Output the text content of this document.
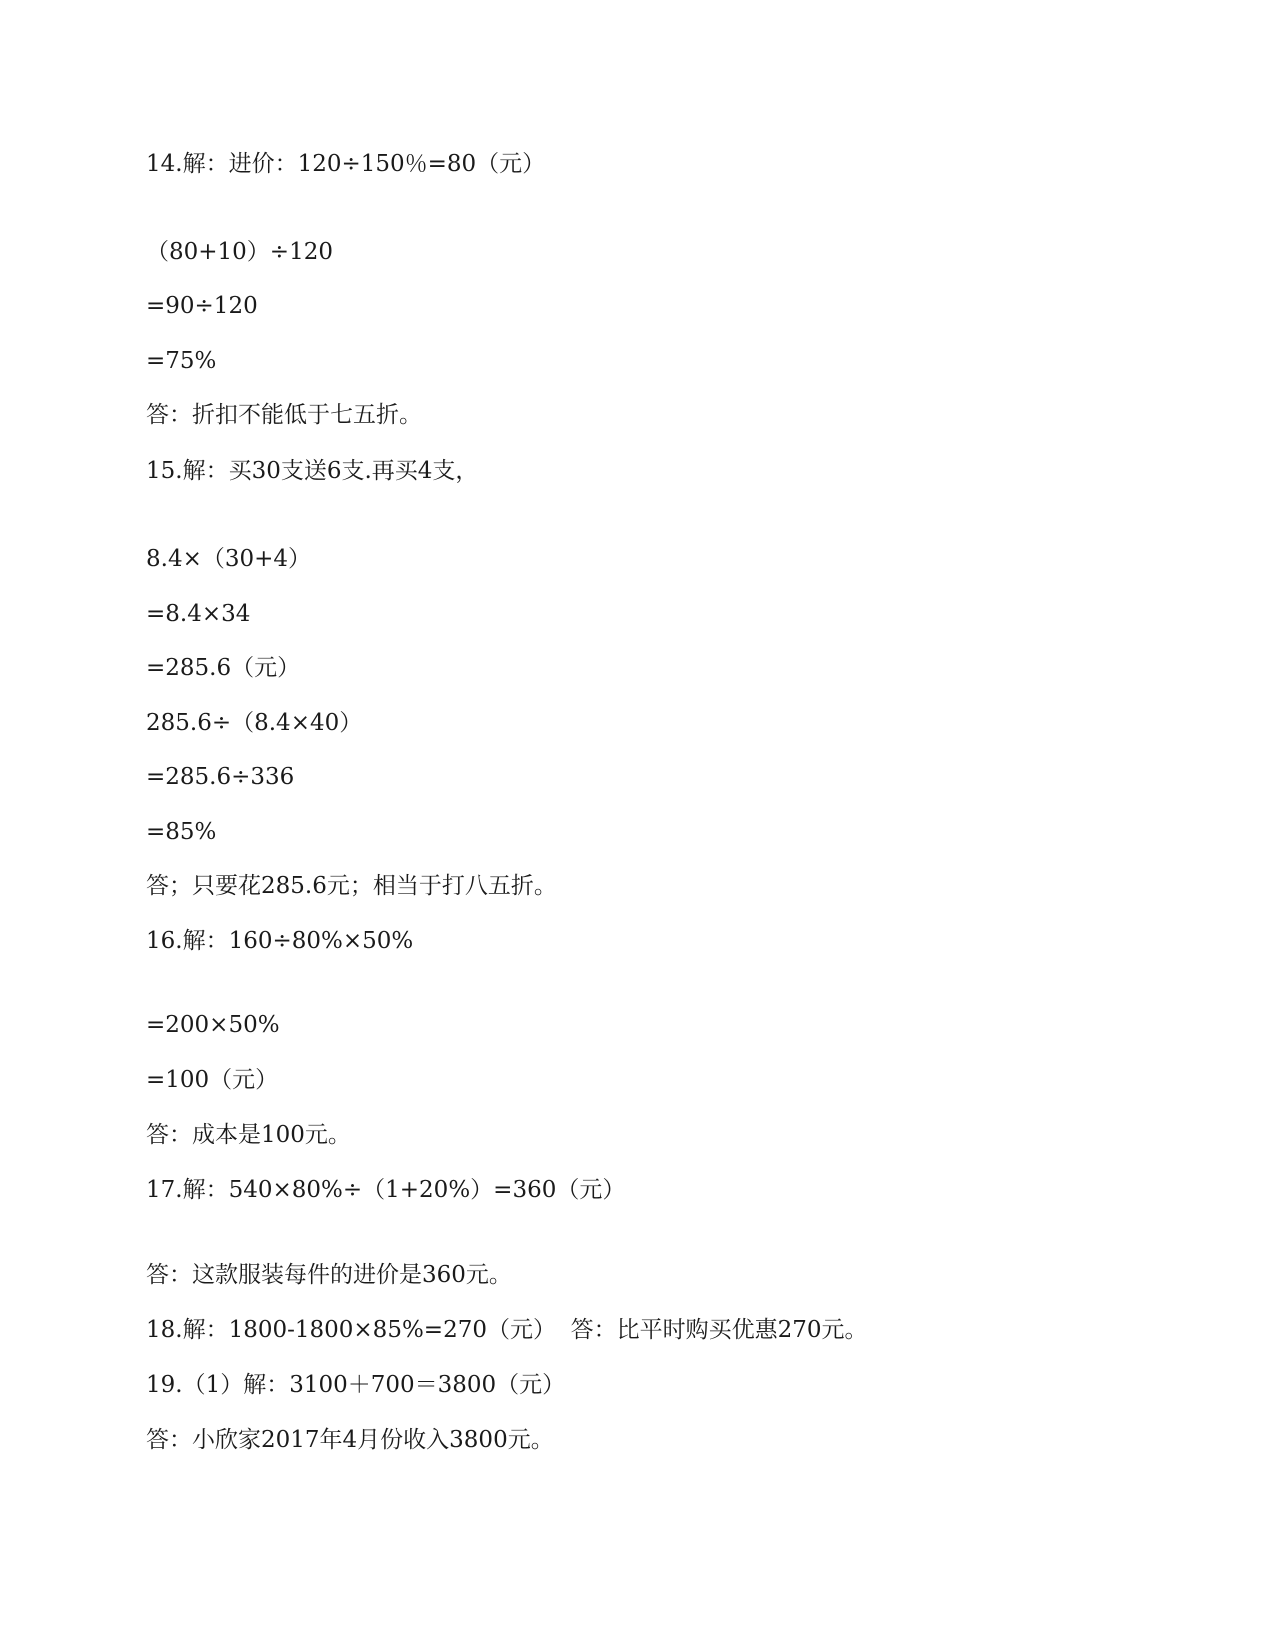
14.解：进价：120÷150％=80（元）
（80+10）÷120
=90÷120
=75%
答：折扣不能低于七五折。
15.解：买30支送6支.再买4支，
8.4×（30+4）
=8.4×34
=285.6（元）
285.6÷（8.4×40）
=285.6÷336
=85%
答；只要花285.6元；相当于打八五折。
16.解：160÷80%×50%
=200×50%
=100（元）
答：成本是100元。
17.解：540×80%÷（1+20%）=360（元）
答：这款服装每件的进价是360元。
18.解：1800-1800×85%=270（元）  答：比平时购买优惠270元。
19.（1）解：3100＋700＝3800（元）
答：小欣家2017年4月份收入3800元。
